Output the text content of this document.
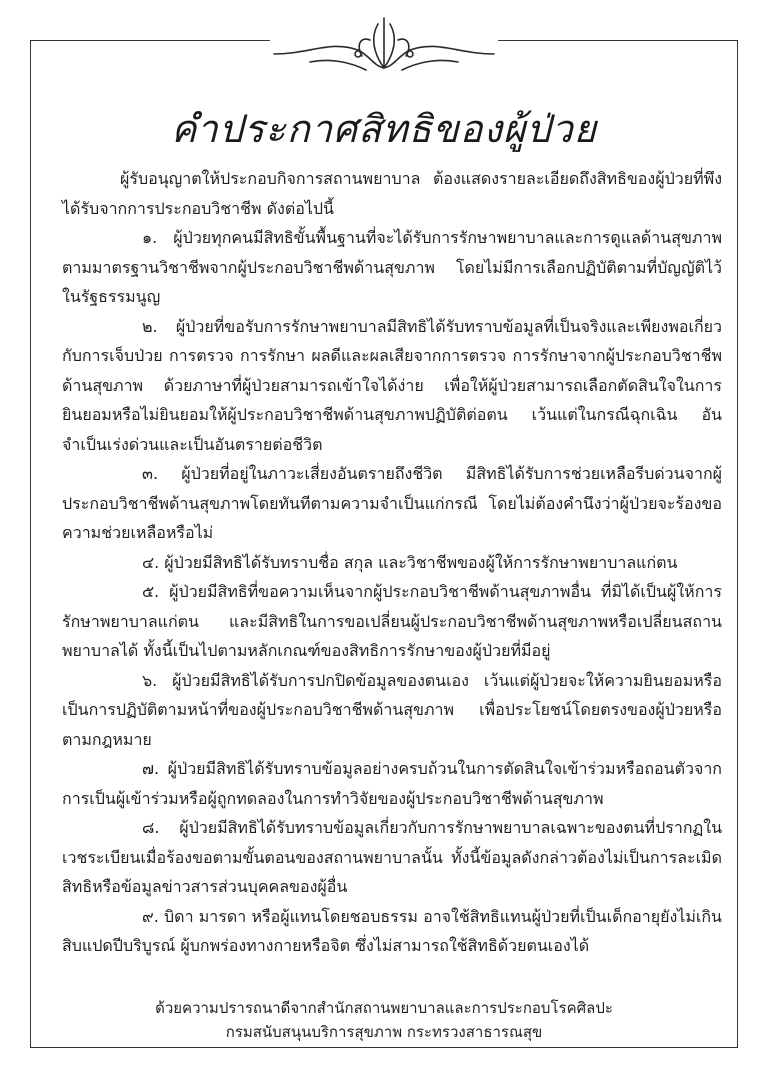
คำประกาศสิทธิของผู้ป่วย

ผู้รับอนุญาตให้ประกอบกิจการสถานพยาบาล ต้องแสดงรายละเอียดถึงสิทธิของผู้ป่วยที่พึงได้รับจากการประกอบวิชาชีพ ดังต่อไปนี้

๑. ผู้ป่วยทุกคนมีสิทธิขั้นพื้นฐานที่จะได้รับการรักษาพยาบาลและการดูแลด้านสุขภาพตามมาตรฐานวิชาชีพจากผู้ประกอบวิชาชีพด้านสุขภาพ โดยไม่มีการเลือกปฏิบัติตามที่บัญญัติไว้ในรัฐธรรมนูญ

๒. ผู้ป่วยที่ขอรับการรักษาพยาบาลมีสิทธิได้รับทราบข้อมูลที่เป็นจริงและเพียงพอเกี่ยวกับการเจ็บป่วย การตรวจ การรักษา ผลดีและผลเสียจากการตรวจ การรักษาจากผู้ประกอบวิชาชีพด้านสุขภาพ ด้วยภาษาที่ผู้ป่วยสามารถเข้าใจได้ง่าย เพื่อให้ผู้ป่วยสามารถเลือกตัดสินใจในการยินยอมหรือไม่ยินยอมให้ผู้ประกอบวิชาชีพด้านสุขภาพปฏิบัติต่อตน เว้นแต่ในกรณีฉุกเฉิน อันจำเป็นเร่งด่วนและเป็นอันตรายต่อชีวิต

๓. ผู้ป่วยที่อยู่ในภาวะเสี่ยงอันตรายถึงชีวิต มีสิทธิได้รับการช่วยเหลือรีบด่วนจากผู้ประกอบวิชาชีพด้านสุขภาพโดยทันทีตามความจำเป็นแก่กรณี โดยไม่ต้องคำนึงว่าผู้ป่วยจะร้องขอความช่วยเหลือหรือไม่

๔. ผู้ป่วยมีสิทธิได้รับทราบชื่อ สกุล และวิชาชีพของผู้ให้การรักษาพยาบาลแก่ตน

๕. ผู้ป่วยมีสิทธิที่ขอความเห็นจากผู้ประกอบวิชาชีพด้านสุขภาพอื่น ที่มิได้เป็นผู้ให้การรักษาพยาบาลแก่ตน และมีสิทธิในการขอเปลี่ยนผู้ประกอบวิชาชีพด้านสุขภาพหรือเปลี่ยนสถานพยาบาลได้ ทั้งนี้เป็นไปตามหลักเกณฑ์ของสิทธิการรักษาของผู้ป่วยที่มีอยู่

๖. ผู้ป่วยมีสิทธิได้รับการปกปิดข้อมูลของตนเอง เว้นแต่ผู้ป่วยจะให้ความยินยอมหรือเป็นการปฏิบัติตามหน้าที่ของผู้ประกอบวิชาชีพด้านสุขภาพ เพื่อประโยชน์โดยตรงของผู้ป่วยหรือตามกฎหมาย

๗. ผู้ป่วยมีสิทธิได้รับทราบข้อมูลอย่างครบถ้วนในการตัดสินใจเข้าร่วมหรือถอนตัวจากการเป็นผู้เข้าร่วมหรือผู้ถูกทดลองในการทำวิจัยของผู้ประกอบวิชาชีพด้านสุขภาพ

๘. ผู้ป่วยมีสิทธิได้รับทราบข้อมูลเกี่ยวกับการรักษาพยาบาลเฉพาะของตนที่ปรากฏในเวชระเบียนเมื่อร้องขอตามขั้นตอนของสถานพยาบาลนั้น ทั้งนี้ข้อมูลดังกล่าวต้องไม่เป็นการละเมิดสิทธิหรือข้อมูลข่าวสารส่วนบุคคลของผู้อื่น

๙. บิดา มารดา หรือผู้แทนโดยชอบธรรม อาจใช้สิทธิแทนผู้ป่วยที่เป็นเด็กอายุยังไม่เกินสิบแปดปีบริบูรณ์ ผู้บกพร่องทางกายหรือจิต ซึ่งไม่สามารถใช้สิทธิด้วยตนเองได้

ด้วยความปรารถนาดีจากสำนักสถานพยาบาลและการประกอบโรคศิลปะ
กรมสนับสนุนบริการสุขภาพ กระทรวงสาธารณสุข
